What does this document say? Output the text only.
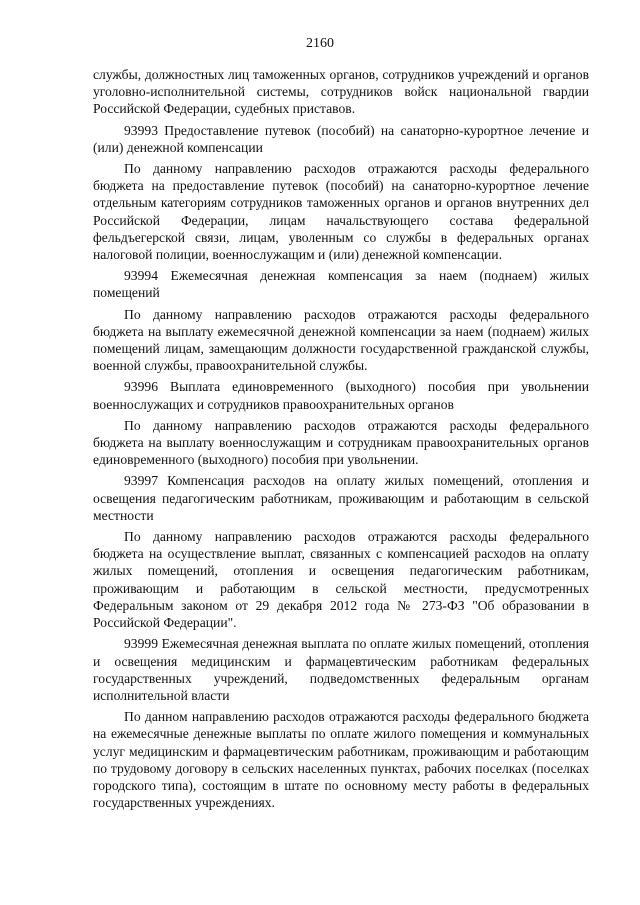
2160

службы, должностных лиц таможенных органов, сотрудников учреждений и органов уголовно-исполнительной системы, сотрудников войск национальной гвардии Российской Федерации, судебных приставов.

93993 Предоставление путевок (пособий) на санаторно-курортное лечение и (или) денежной компенсации

По данному направлению расходов отражаются расходы федерального бюджета на предоставление путевок (пособий) на санаторно-курортное лечение отдельным категориям сотрудников таможенных органов и органов внутренних дел Российской Федерации, лицам начальствующего состава федеральной фельдъегерской связи, лицам, уволенным со службы в федеральных органах налоговой полиции, военнослужащим и (или) денежной компенсации.

93994 Ежемесячная денежная компенсация за наем (поднаем) жилых помещений

По данному направлению расходов отражаются расходы федерального бюджета на выплату ежемесячной денежной компенсации за наем (поднаем) жилых помещений лицам, замещающим должности государственной гражданской службы, военной службы, правоохранительной службы.

93996 Выплата единовременного (выходного) пособия при увольнении военнослужащих и сотрудников правоохранительных органов

По данному направлению расходов отражаются расходы федерального бюджета на выплату военнослужащим и сотрудникам правоохранительных органов единовременного (выходного) пособия при увольнении.

93997 Компенсация расходов на оплату жилых помещений, отопления и освещения педагогическим работникам, проживающим и работающим в сельской местности

По данному направлению расходов отражаются расходы федерального бюджета на осуществление выплат, связанных с компенсацией расходов на оплату жилых помещений, отопления и освещения педагогическим работникам, проживающим и работающим в сельской местности, предусмотренных Федеральным законом от 29 декабря 2012 года № 273-ФЗ "Об образовании в Российской Федерации".

93999 Ежемесячная денежная выплата по оплате жилых помещений, отопления и освещения медицинским и фармацевтическим работникам федеральных государственных учреждений, подведомственных федеральным органам исполнительной власти

По данном направлению расходов отражаются расходы федерального бюджета на ежемесячные денежные выплаты по оплате жилого помещения и коммунальных услуг медицинским и фармацевтическим работникам, проживающим и работающим по трудовому договору в сельских населенных пунктах, рабочих поселках (поселках городского типа), состоящим в штате по основному месту работы в федеральных государственных учреждениях.
